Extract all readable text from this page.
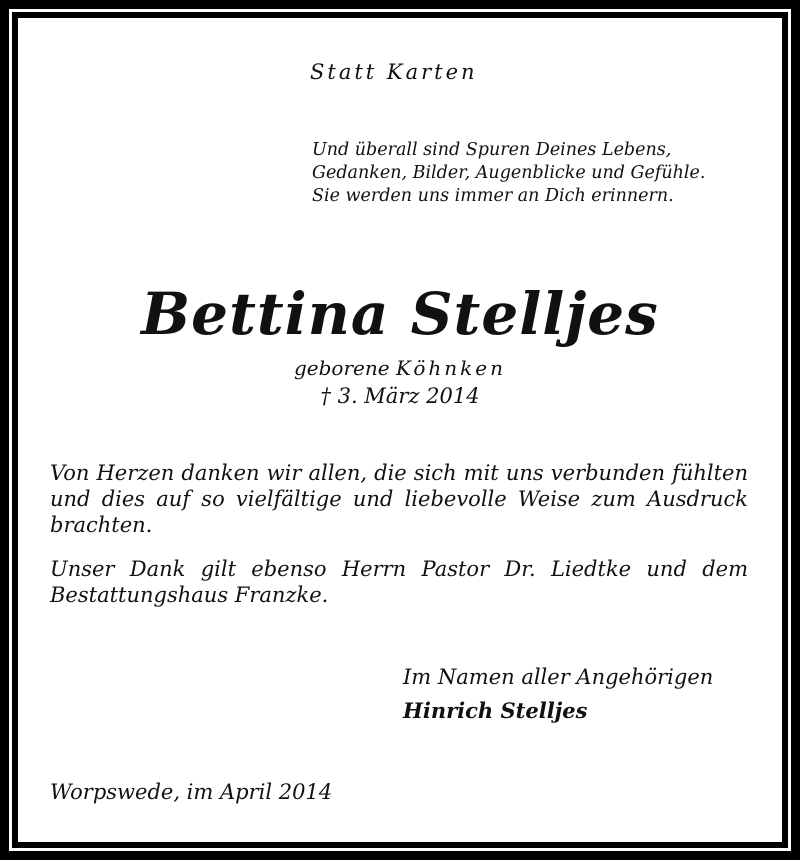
Statt Karten
Und überall sind Spuren Deines Lebens,
Gedanken, Bilder, Augenblicke und Gefühle.
Sie werden uns immer an Dich erinnern.
Bettina Stelljes
geborene Köhnken
† 3. März 2014
Von Herzen danken wir allen, die sich mit uns verbunden fühlten und dies auf so vielfältige und liebevolle Weise zum Ausdruck brachten.
Unser Dank gilt ebenso Herrn Pastor Dr. Liedtke und dem Bestattungshaus Franzke.
Im Namen aller Angehörigen
Hinrich Stelljes
Worpswede, im April 2014
